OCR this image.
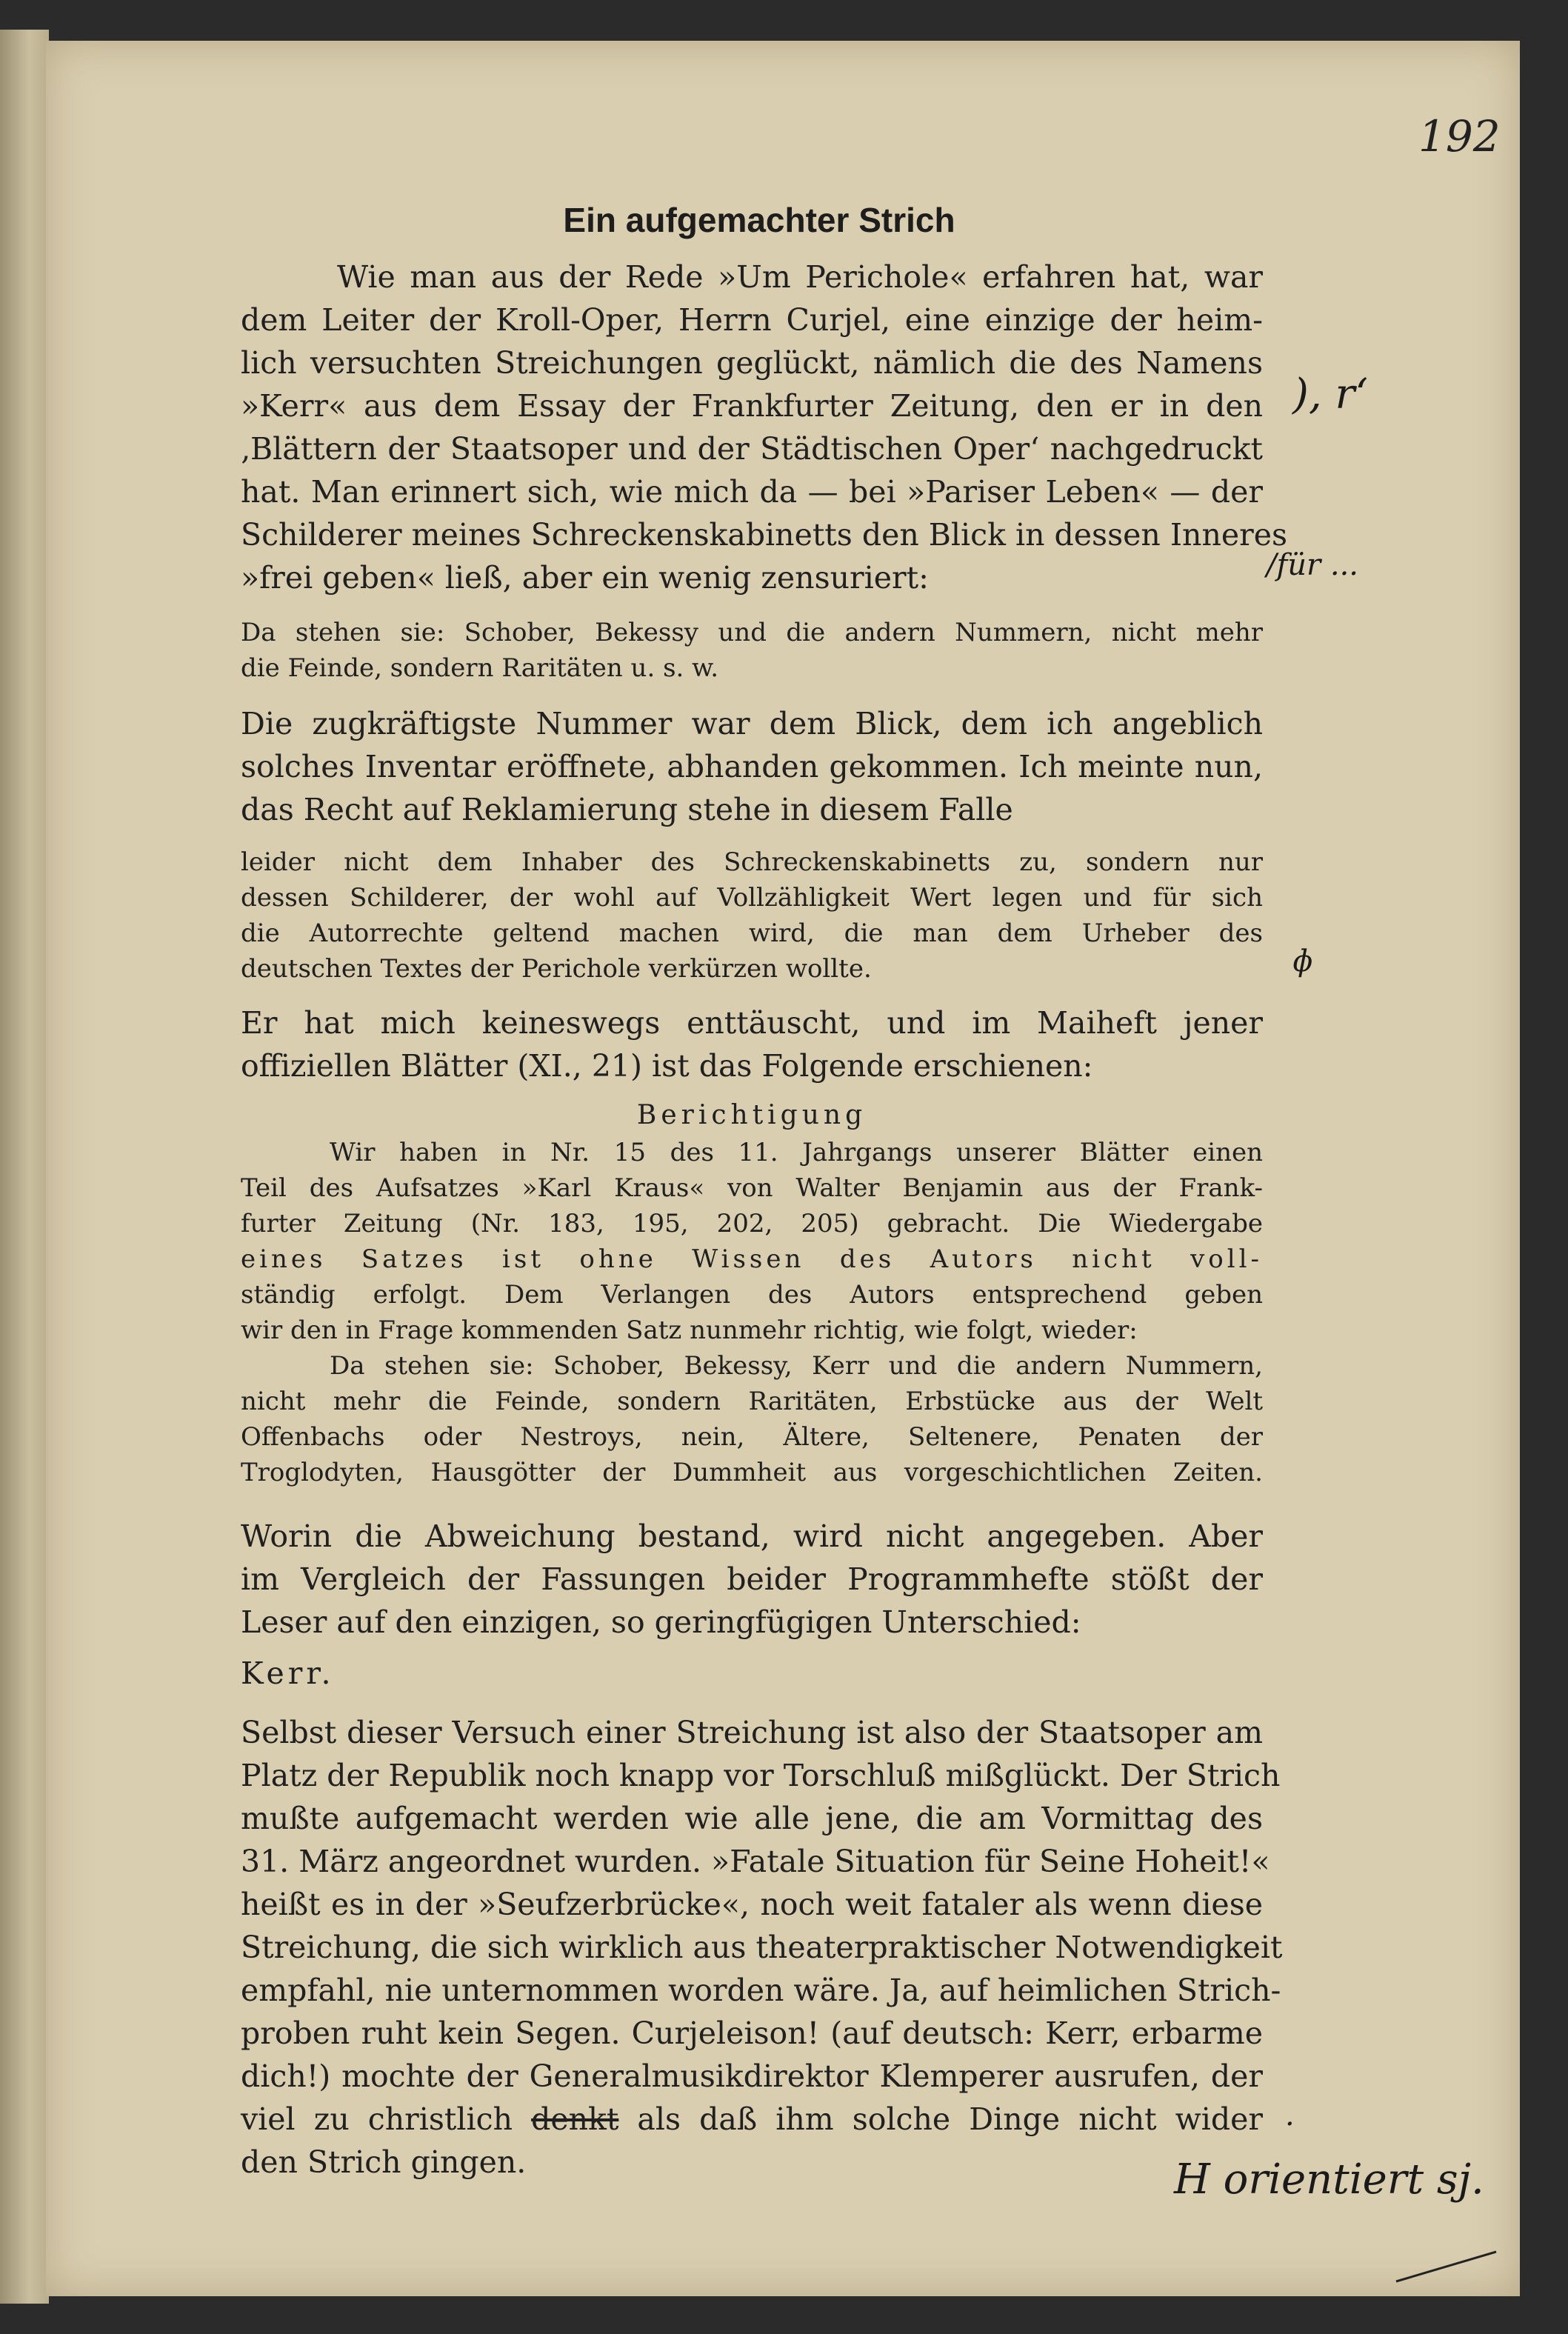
192
Ein aufgemachter Strich
Wie man aus der Rede »Um Perichole« erfahren hat, war
dem Leiter der Kroll-Oper, Herrn Curjel, eine einzige der heim-
lich versuchten Streichungen geglückt, nämlich die des Namens
»Kerr« aus dem Essay der Frankfurter Zeitung, den er in den
‚Blättern der Staatsoper und der Städtischen Oper‘ nachgedruckt
hat. Man erinnert sich, wie mich da — bei »Pariser Leben« — der
Schilderer meines Schreckenskabinetts den Blick in dessen Inneres
»frei geben« ließ, aber ein wenig zensuriert:
Da stehen sie: Schober, Bekessy und die andern Nummern, nicht mehr
die Feinde, sondern Raritäten u. s. w.
Die zugkräftigste Nummer war dem Blick, dem ich angeblich
solches Inventar eröffnete, abhanden gekommen. Ich meinte nun,
das Recht auf Reklamierung stehe in diesem Falle
leider nicht dem Inhaber des Schreckenskabinetts zu, sondern nur
dessen Schilderer, der wohl auf Vollzähligkeit Wert legen und für sich
die Autorrechte geltend machen wird, die man dem Urheber des
deutschen Textes der Perichole verkürzen wollte.
Er hat mich keineswegs enttäuscht, und im Maiheft jener
offiziellen Blätter (XI., 21) ist das Folgende erschienen:
Berichtigung
Wir haben in Nr. 15 des 11. Jahrgangs unserer Blätter einen
Teil des Aufsatzes »Karl Kraus« von Walter Benjamin aus der Frank-
furter Zeitung (Nr. 183, 195, 202, 205) gebracht. Die Wiedergabe
eines Satzes ist ohne Wissen des Autors nicht voll-
ständig erfolgt. Dem Verlangen des Autors entsprechend geben
wir den in Frage kommenden Satz nunmehr richtig, wie folgt, wieder:
Da stehen sie: Schober, Bekessy, Kerr und die andern Nummern,
nicht mehr die Feinde, sondern Raritäten, Erbstücke aus der Welt
Offenbachs oder Nestroys, nein, Ältere, Seltenere, Penaten der
Troglodyten, Hausgötter der Dummheit aus vorgeschichtlichen Zeiten.
Worin die Abweichung bestand, wird nicht angegeben. Aber
im Vergleich der Fassungen beider Programmhefte stößt der
Leser auf den einzigen, so geringfügigen Unterschied:
Kerr.
Selbst dieser Versuch einer Streichung ist also der Staatsoper am
Platz der Republik noch knapp vor Torschluß mißglückt. Der Strich
mußte aufgemacht werden wie alle jene, die am Vormittag des
31. März angeordnet wurden. »Fatale Situation für Seine Hoheit!«
heißt es in der »Seufzerbrücke«, noch weit fataler als wenn diese
Streichung, die sich wirklich aus theaterpraktischer Notwendigkeit
empfahl, nie unternommen worden wäre. Ja, auf heimlichen Strich-
proben ruht kein Segen. Curjeleison! (auf deutsch: Kerr, erbarme
dich!) mochte der Generalmusikdirektor Klemperer ausrufen, der
viel zu christlich denkt als daß ihm solche Dinge nicht wider
den Strich gingen.
), r‘
/für ...
ɸ
H orientiert sj.
·
